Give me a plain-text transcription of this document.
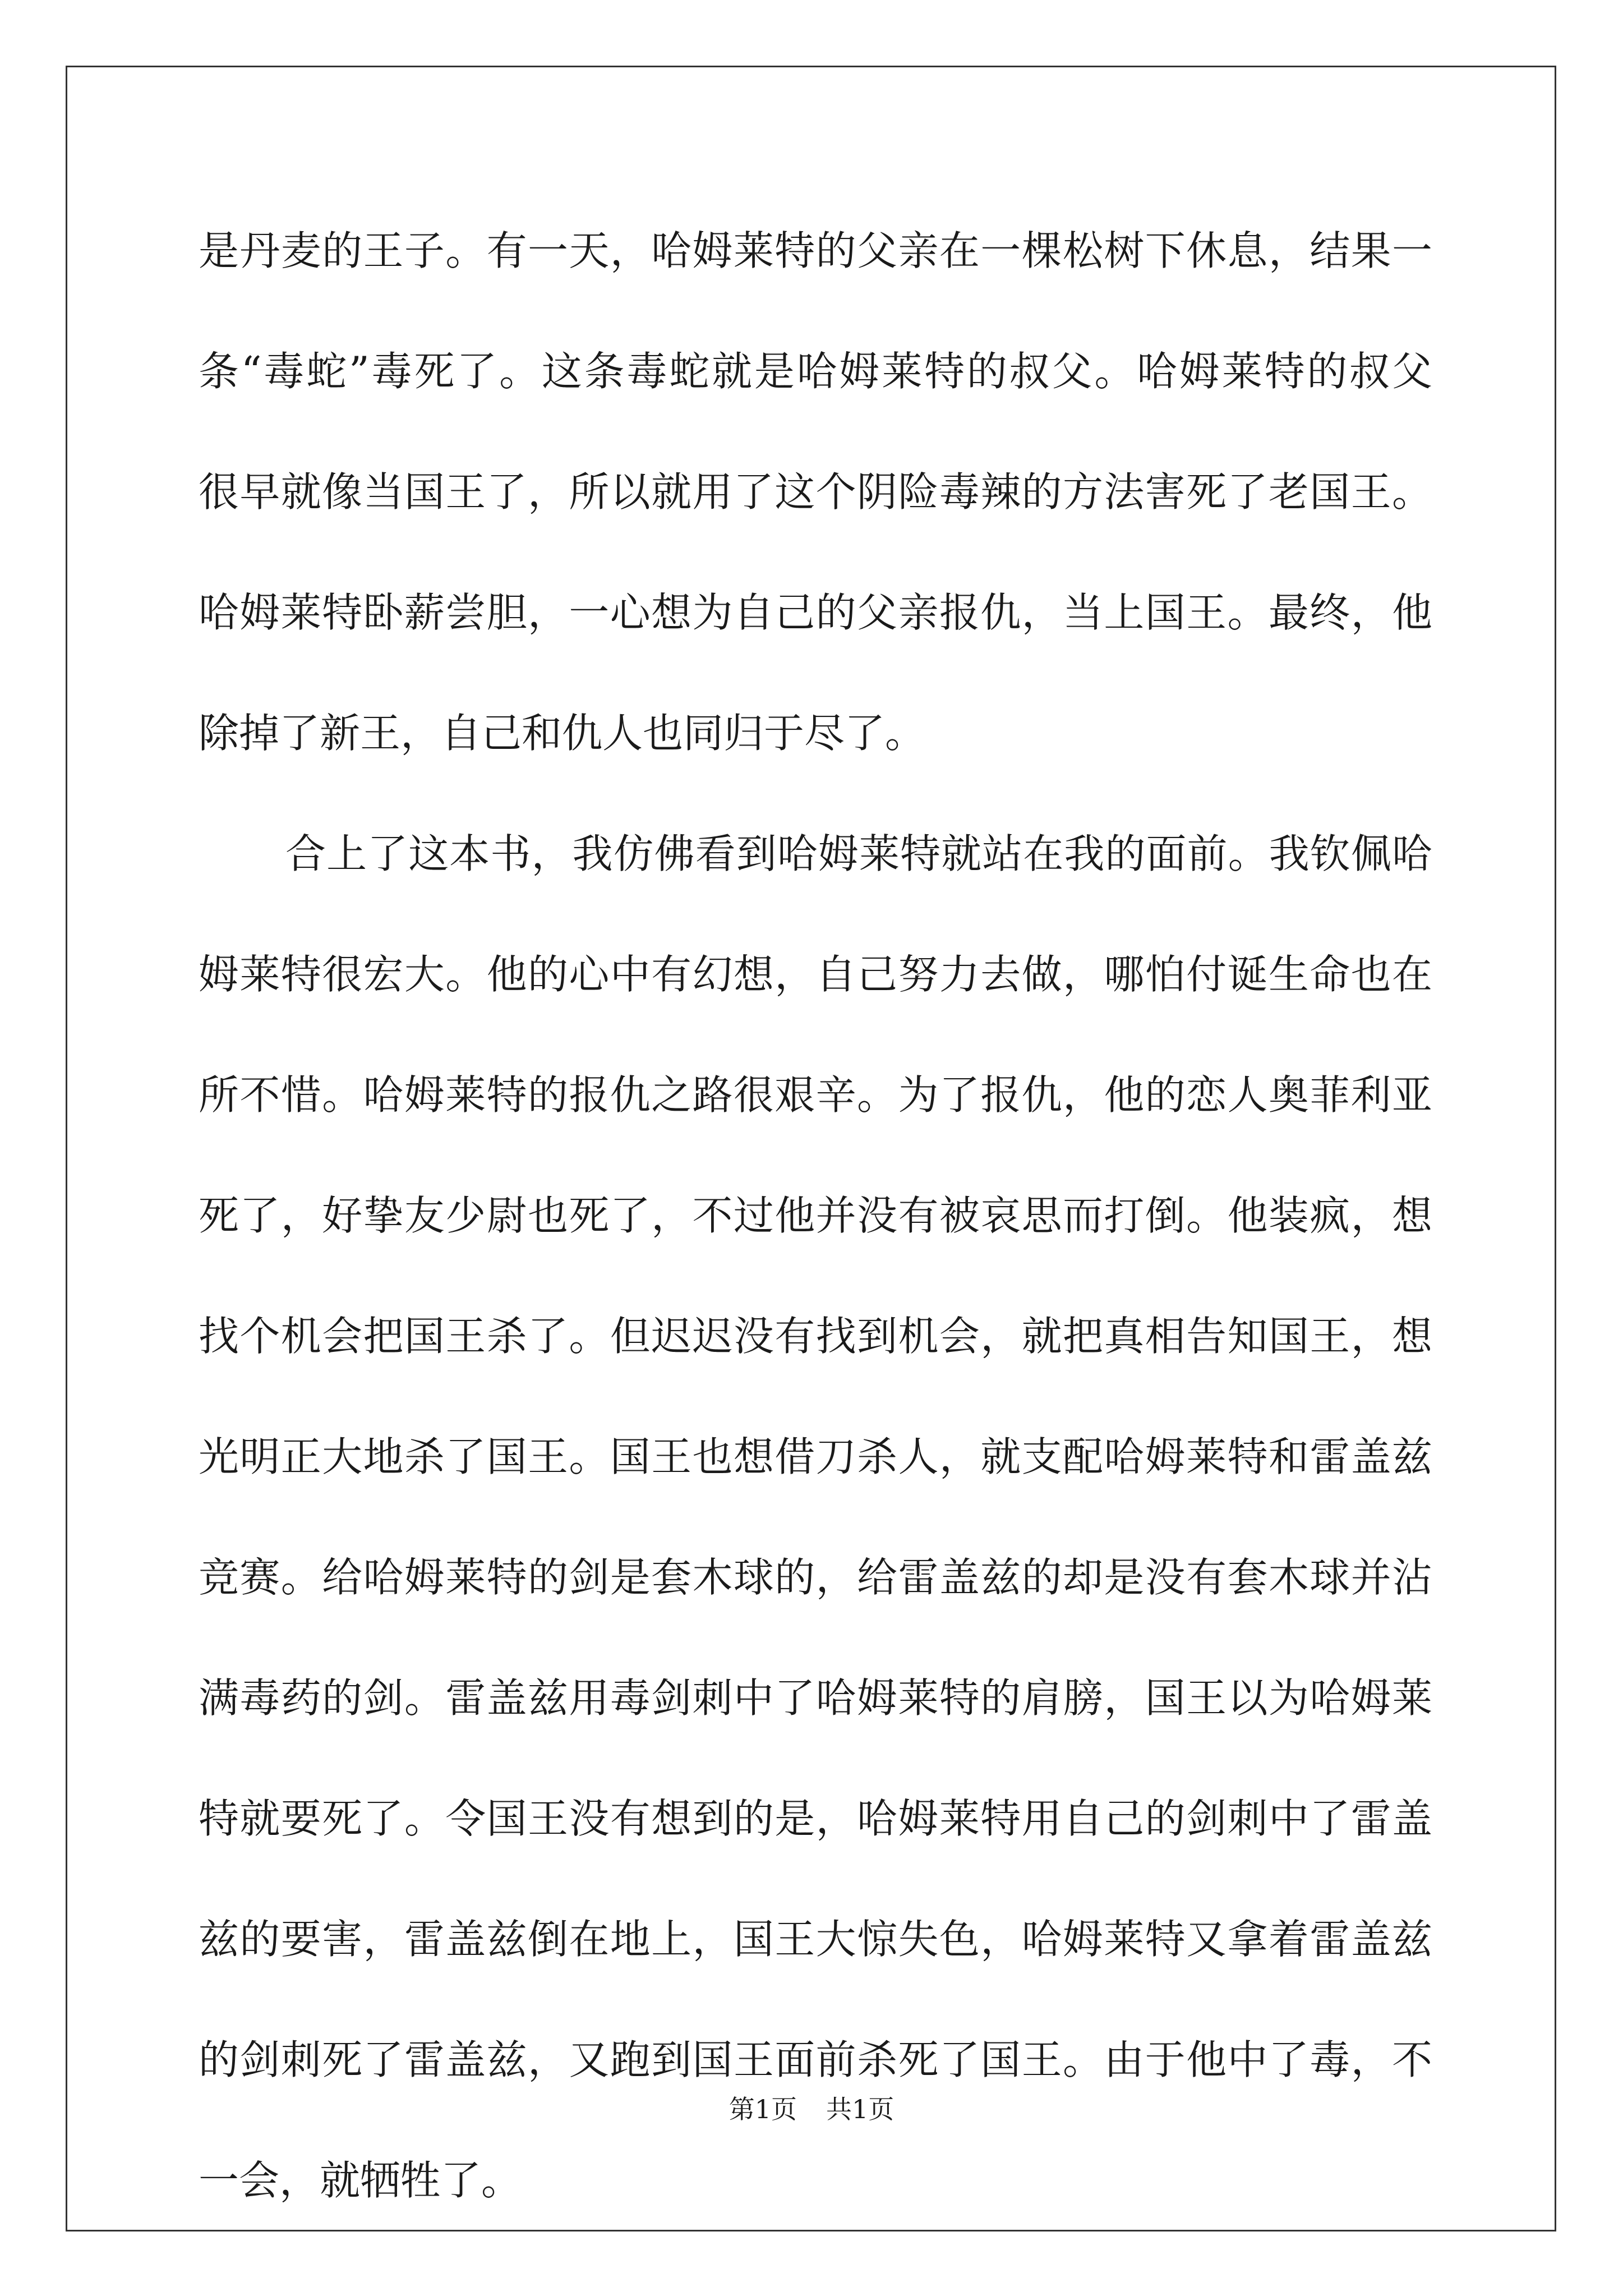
是丹麦的王子。有一天，哈姆莱特的父亲在一棵松树下休息，结果一
条“毒蛇”毒死了。这条毒蛇就是哈姆莱特的叔父。哈姆莱特的叔父
很早就像当国王了，所以就用了这个阴险毒辣的方法害死了老国王。
哈姆莱特卧薪尝胆，一心想为自己的父亲报仇，当上国王。最终，他
除掉了新王，自己和仇人也同归于尽了。
合上了这本书，我仿佛看到哈姆莱特就站在我的面前。我钦佩哈
姆莱特很宏大。他的心中有幻想，自己努力去做，哪怕付诞生命也在
所不惜。哈姆莱特的报仇之路很艰辛。为了报仇，他的恋人奥菲利亚
死了，好挚友少尉也死了，不过他并没有被哀思而打倒。他装疯，想
找个机会把国王杀了。但迟迟没有找到机会，就把真相告知国王，想
光明正大地杀了国王。国王也想借刀杀人，就支配哈姆莱特和雷盖兹
竞赛。给哈姆莱特的剑是套木球的，给雷盖兹的却是没有套木球并沾
满毒药的剑。雷盖兹用毒剑刺中了哈姆莱特的肩膀，国王以为哈姆莱
特就要死了。令国王没有想到的是，哈姆莱特用自己的剑刺中了雷盖
兹的要害，雷盖兹倒在地上，国王大惊失色，哈姆莱特又拿着雷盖兹
的剑刺死了雷盖兹，又跑到国王面前杀死了国王。由于他中了毒，不
一会，就牺牲了。
第1页 共1页
